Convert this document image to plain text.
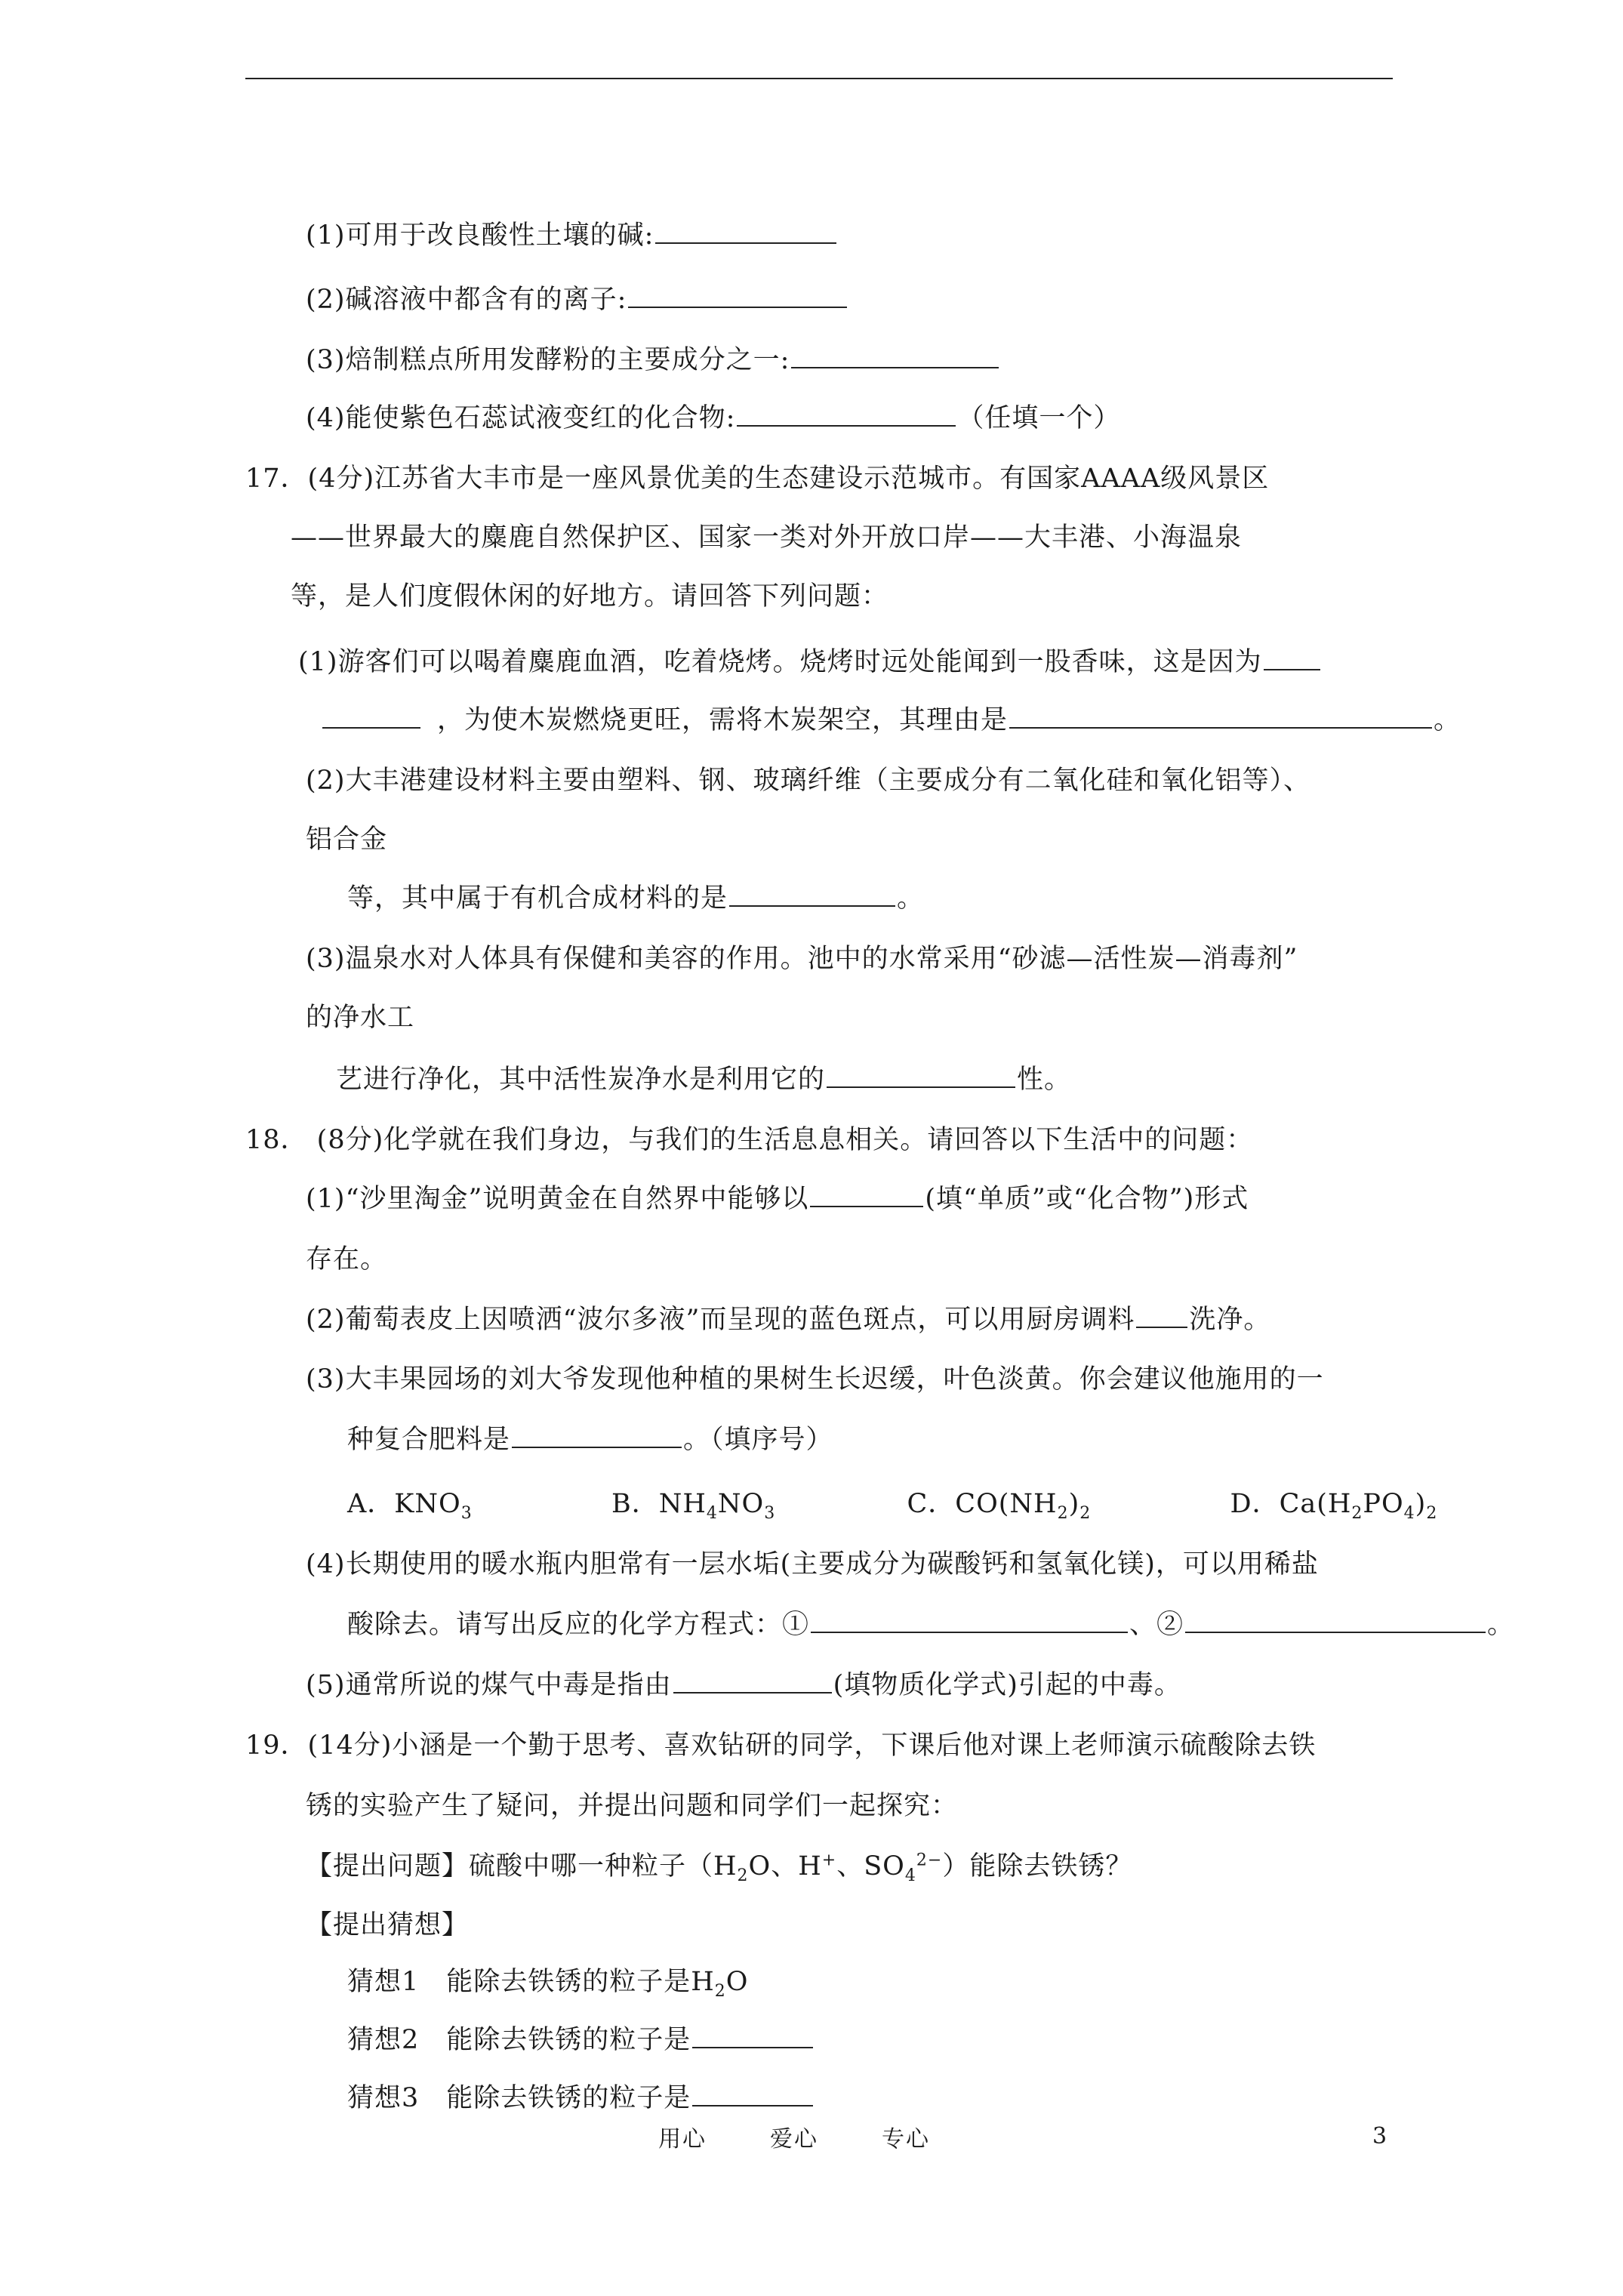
(1)可用于改良酸性土壤的碱:
(2)碱溶液中都含有的离子:
(3)焙制糕点所用发酵粉的主要成分之一:
(4)能使紫色石蕊试液变红的化合物:	（任填一个）
17．(4分)江苏省大丰市是一座风景优美的生态建设示范城市。有国家AAAA级风景区
——世界最大的麋鹿自然保护区、国家一类对外开放口岸——大丰港、小海温泉
等，是人们度假休闲的好地方。请回答下列问题：
(1)游客们可以喝着麋鹿血酒，吃着烧烤。烧烤时远处能闻到一股香味，这是因为
，为使木炭燃烧更旺，需将木炭架空，其理由是	。
(2)大丰港建设材料主要由塑料、钢、玻璃纤维（主要成分有二氧化硅和氧化铝等）、
铝合金
等，其中属于有机合成材料的是	。
(3)温泉水对人体具有保健和美容的作用。池中的水常采用“砂滤—活性炭—消毒剂”
的净水工
艺进行净化，其中活性炭净水是利用它的	性。
18． (8分)化学就在我们身边，与我们的生活息息相关。请回答以下生活中的问题：
(1)“沙里淘金”说明黄金在自然界中能够以	(填“单质”或“化合物”)形式
存在。
(2)葡萄表皮上因喷洒“波尔多液”而呈现的蓝色斑点，可以用厨房调料 洗净。
(3)大丰果园场的刘大爷发现他种植的果树生长迟缓，叶色淡黄。你会建议他施用的一
种复合肥料是	。（填序号）
A．$KNO_3$	B．$NH_4NO_3$	C．$CO(NH_2)_2$	D．$Ca(H_2PO_4)_2$
(4)长期使用的暖水瓶内胆常有一层水垢(主要成分为碳酸钙和氢氧化镁)，可以用稀盐
酸除去。请写出反应的化学方程式：①	、②	。
(5)通常所说的煤气中毒是指由	(填物质化学式)引起的中毒。
19．(14分)小涵是一个勤于思考、喜欢钻研的同学，下课后他对课上老师演示硫酸除去铁
锈的实验产生了疑问，并提出问题和同学们一起探究：
【提出问题】硫酸中哪一种粒子（$H_2O$、H+、$SO_4^{2-}$）能除去铁锈？
【提出猜想】
猜想1　能除去铁锈的粒子是$H_2O$
猜想2　能除去铁锈的粒子是
猜想3　能除去铁锈的粒子是
用心	爱心	专心	3
